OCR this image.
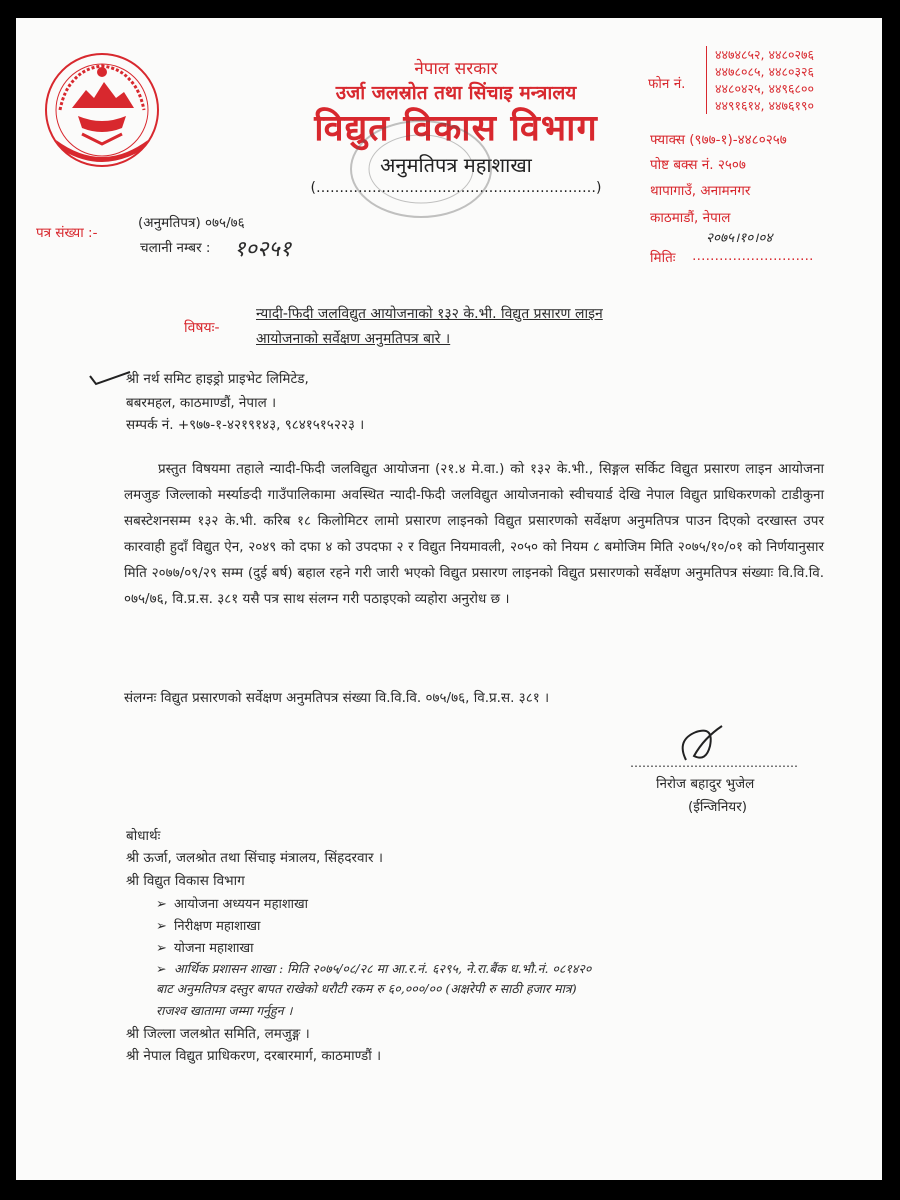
नेपाल सरकार
उर्जा जलस्रोत तथा सिंचाइ मन्त्रालय
विद्युत विकास विभाग
अनुमतिपत्र महाशाखा
(……………………………………………………)
फोन नं.
४४७४८५२, ४४८०२७६
४४७८०८५, ४४८०३२६
४४८०४२५, ४४९६८००
४४९१६१४, ४४७६१९०
फ्याक्स (९७७-१)-४४८०२५७
पोष्ट बक्स नं. २५०७
थापागाउँ, अनामनगर
काठमाडौं, नेपाल
२०७५।१०।०४
मितिः ………………………
पत्र संख्या :-
(अनुमतिपत्र) ०७५/७६
चलानी नम्बर : १०२५१
विषयः-
न्यादी-फिदी जलविद्युत आयोजनाको १३२ के.भी. विद्युत प्रसारण लाइन
आयोजनाको सर्वेक्षण अनुमतिपत्र बारे ।
श्री नर्थ समिट हाइड्रो प्राइभेट लिमिटेड,
बबरमहल, काठमाण्डौं, नेपाल ।
सम्पर्क नं. +९७७-१-४२१९१४३, ९८४१५१५२२३ ।
प्रस्तुत विषयमा तहाले न्यादी-फिदी जलविद्युत आयोजना (२१.४ मे.वा.) को १३२ के.भी., सिङ्गल सर्किट विद्युत प्रसारण लाइन आयोजना लमजुङ जिल्लाको मर्स्याङदी गाउँपालिकामा अवस्थित न्यादी-फिदी जलविद्युत आयोजनाको स्वीचयार्ड देखि नेपाल विद्युत प्राधिकरणको टाडीकुना सबस्टेशनसम्म १३२ के.भी. करिब १८ किलोमिटर लामो प्रसारण लाइनको विद्युत प्रसारणको सर्वेक्षण अनुमतिपत्र पाउन दिएको दरखास्त उपर कारवाही हुदाँ विद्युत ऐन, २०४९ को दफा ४ को उपदफा २ र विद्युत नियमावली, २०५० को नियम ८ बमोजिम मिति २०७५/१०/०१ को निर्णयानुसार मिति २०७७/०९/२९ सम्म (दुई बर्ष) बहाल रहने गरी जारी भएको विद्युत प्रसारण लाइनको विद्युत प्रसारणको सर्वेक्षण अनुमतिपत्र संख्याः वि.वि.वि. ०७५/७६, वि.प्र.स. ३८१ यसै पत्र साथ संलग्न गरी पठाइएको व्यहोरा अनुरोध छ ।
संलग्नः विद्युत प्रसारणको सर्वेक्षण अनुमतिपत्र संख्या वि.वि.वि. ०७५/७६, वि.प्र.स. ३८१ ।
……………………………………
निरोज बहादुर भुजेल
(ईन्जिनियर)
बोधार्थः
श्री ऊर्जा, जलश्रोत तथा सिंचाइ मंत्रालय, सिंहदरवार ।
श्री विद्युत विकास विभाग
➢ आयोजना अध्ययन महाशाखा
➢ निरीक्षण महाशाखा
➢ योजना महाशाखा
➢ आर्थिक प्रशासन शाखा : मिति २०७५/०८/२८ मा आ.र.नं. ६२९५, ने.रा.बैंक ध.भौ.नं. ०८१४२०
बाट अनुमतिपत्र दस्तुर बापत राखेको धरौटी रकम रु ६०,०००/०० (अक्षरेपी रु साठी हजार मात्र)
राजश्व खातामा जम्मा गर्नुहुन ।
श्री जिल्ला जलश्रोत समिति, लमजुङ्ग ।
श्री नेपाल विद्युत प्राधिकरण, दरबारमार्ग, काठमाण्डौं ।
